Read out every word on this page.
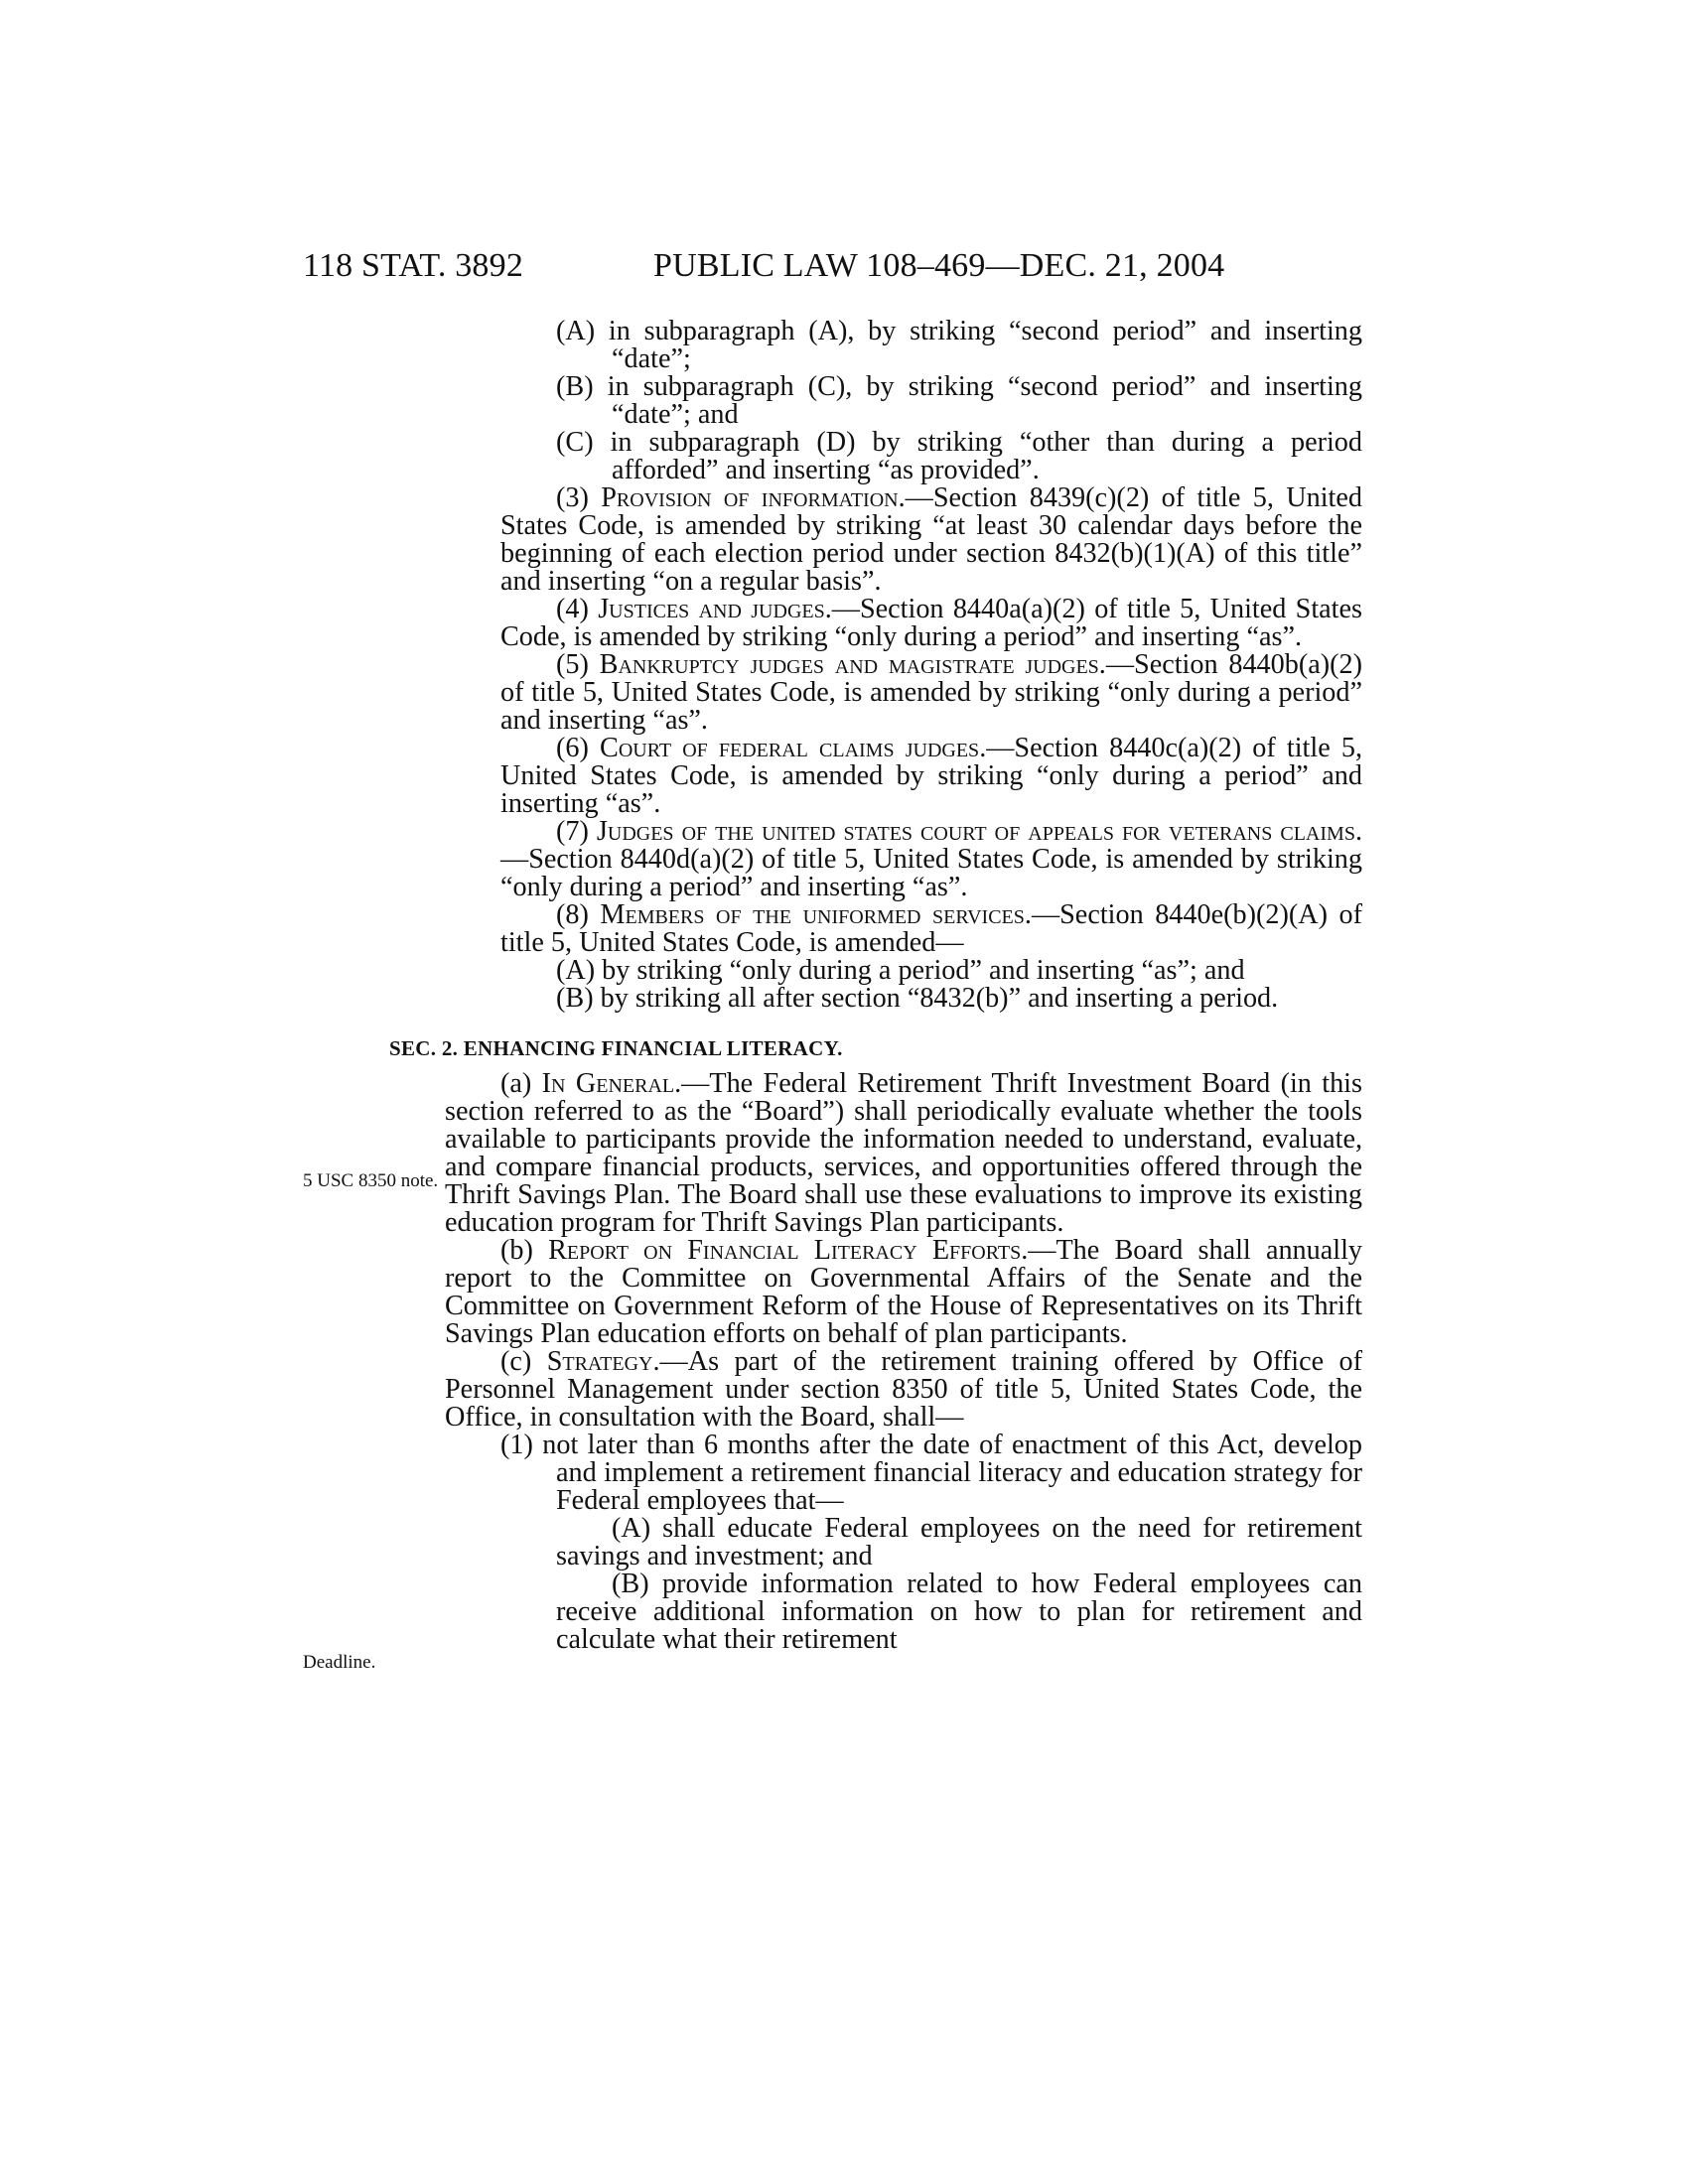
118 STAT. 3892	PUBLIC LAW 108–469—DEC. 21, 2004
5 USC 8350 note.
Deadline.

(A) in subparagraph (A), by striking “second period” and inserting “date”;

(B) in subparagraph (C), by striking “second period” and inserting “date”; and

(C) in subparagraph (D) by striking “other than during a period afforded” and inserting “as provided”.

(3) Provision of information.—Section 8439(c)(2) of title 5, United States Code, is amended by striking “at least 30 calendar days before the beginning of each election period under section 8432(b)(1)(A) of this title” and inserting “on a regular basis”.

(4) Justices and judges.—Section 8440a(a)(2) of title 5, United States Code, is amended by striking “only during a period” and inserting “as”.

(5) Bankruptcy judges and magistrate judges.—Section 8440b(a)(2) of title 5, United States Code, is amended by striking “only during a period” and inserting “as”.

(6) Court of federal claims judges.—Section 8440c(a)(2) of title 5, United States Code, is amended by striking “only during a period” and inserting “as”.

(7) Judges of the united states court of appeals for veterans claims.—Section 8440d(a)(2) of title 5, United States Code, is amended by striking “only during a period” and inserting “as”.

(8) Members of the uniformed services.—Section 8440e(b)(2)(A) of title 5, United States Code, is amended—

(A) by striking “only during a period” and inserting “as”; and

(B) by striking all after section “8432(b)” and inserting a period.

SEC. 2. ENHANCING FINANCIAL LITERACY.

(a) In General.—The Federal Retirement Thrift Investment Board (in this section referred to as the “Board”) shall periodically evaluate whether the tools available to participants provide the information needed to understand, evaluate, and compare financial products, services, and opportunities offered through the Thrift Savings Plan. The Board shall use these evaluations to improve its existing education program for Thrift Savings Plan participants.

(b) Report on Financial Literacy Efforts.—The Board shall annually report to the Committee on Governmental Affairs of the Senate and the Committee on Government Reform of the House of Representatives on its Thrift Savings Plan education efforts on behalf of plan participants.

(c) Strategy.—As part of the retirement training offered by Office of Personnel Management under section 8350 of title 5, United States Code, the Office, in consultation with the Board, shall—

(1) not later than 6 months after the date of enactment of this Act, develop and implement a retirement financial literacy and education strategy for Federal employees that—

(A) shall educate Federal employees on the need for retirement savings and investment; and

(B) provide information related to how Federal employees can receive additional information on how to plan for retirement and calculate what their retirement
